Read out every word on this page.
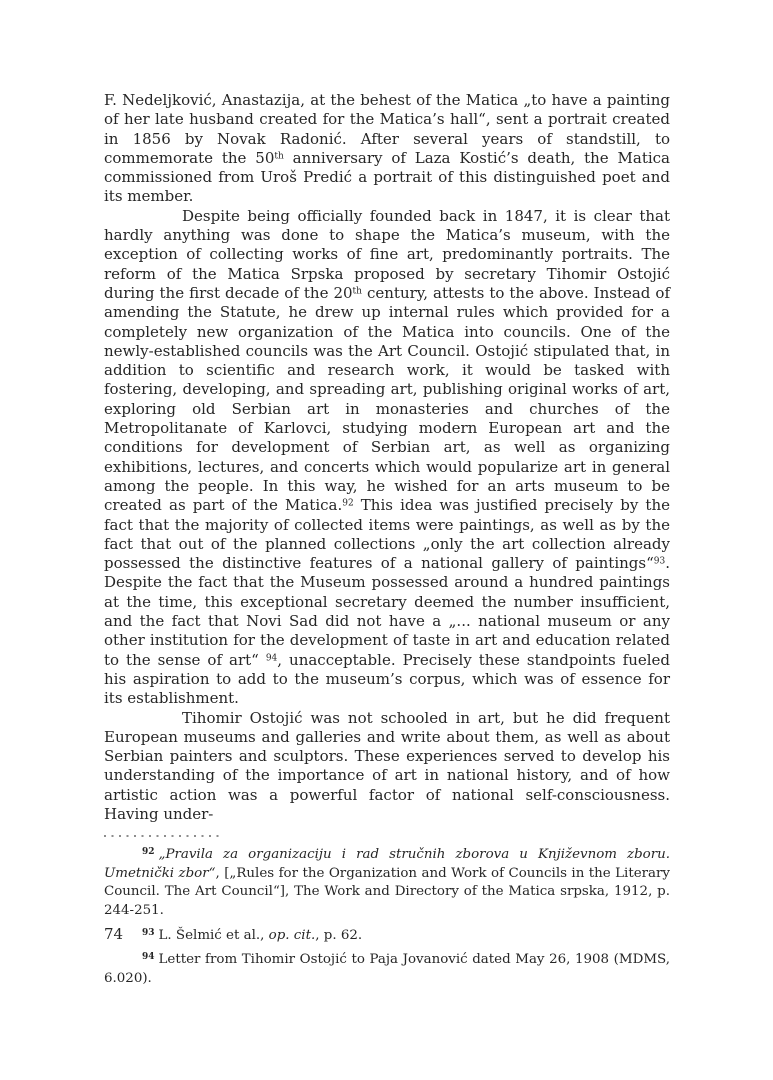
F. Nedeljković, Anastazija, at the behest of the Matica „to have a painting of her late husband created for the Matica’s hall“, sent a portrait created in 1856 by Novak Radonić. After several years of standstill, to commemorate the 50th anniversary of Laza Kostić’s death, the Matica commissioned from Uroš Predić a portrait of this distinguished poet and its member.

Despite being officially founded back in 1847, it is clear that hardly anything was done to shape the Matica’s museum, with the exception of collecting works of fine art, predominantly portraits. The reform of the Matica Srpska proposed by secretary Tihomir Ostojić during the first decade of the 20th century, attests to the above. Instead of amending the Statute, he drew up internal rules which provided for a completely new organization of the Matica into councils. One of the newly-established councils was the Art Council. Ostojić stipulated that, in addition to scientific and research work, it would be tasked with fostering, developing, and spreading art, publishing original works of art, exploring old Serbian art in monasteries and churches of the Metropolitanate of Karlovci, studying modern European art and the conditions for development of Serbian art, as well as organizing exhibitions, lectures, and concerts which would popularize art in general among the people. In this way, he wished for an arts museum to be created as part of the Matica.$^{92}$ This idea was justified precisely by the fact that the majority of collected items were paintings, as well as by the fact that out of the planned collections „only the art collection already possessed the distinctive features of a national gallery of paintings“$^{93}$. Despite the fact that the Museum possessed around a hundred paintings at the time, this exceptional secretary deemed the number insufficient, and the fact that Novi Sad did not have a „... national museum or any other institution for the development of taste in art and education related to the sense of art“ $^{94}$, unacceptable. Precisely these standpoints fueled his aspiration to add to the museum’s corpus, which was of essence for its establishment.

Tihomir Ostojić was not schooled in art, but he did frequent European museums and galleries and write about them, as well as about Serbian painters and sculptors. These experiences served to develop his understanding of the importance of art in national history, and of how artistic action was a powerful factor of national self-consciousness. Having under-

$^{92}$ „Pravila za organizaciju i rad stručnih zborova u Književnom zboru. Umetnički zbor“, [„Rules for the Organization and Work of Councils in the Literary Council. The Art Council“], The Work and Directory of the Matica srpska, 1912, p. 244-251.

$^{93}$ L. Šelmić et al., op. cit., p. 62.

$^{94}$ Letter from Tihomir Ostojić to Paja Jovanović dated May 26, 1908 (MDMS, 6.020).

74
